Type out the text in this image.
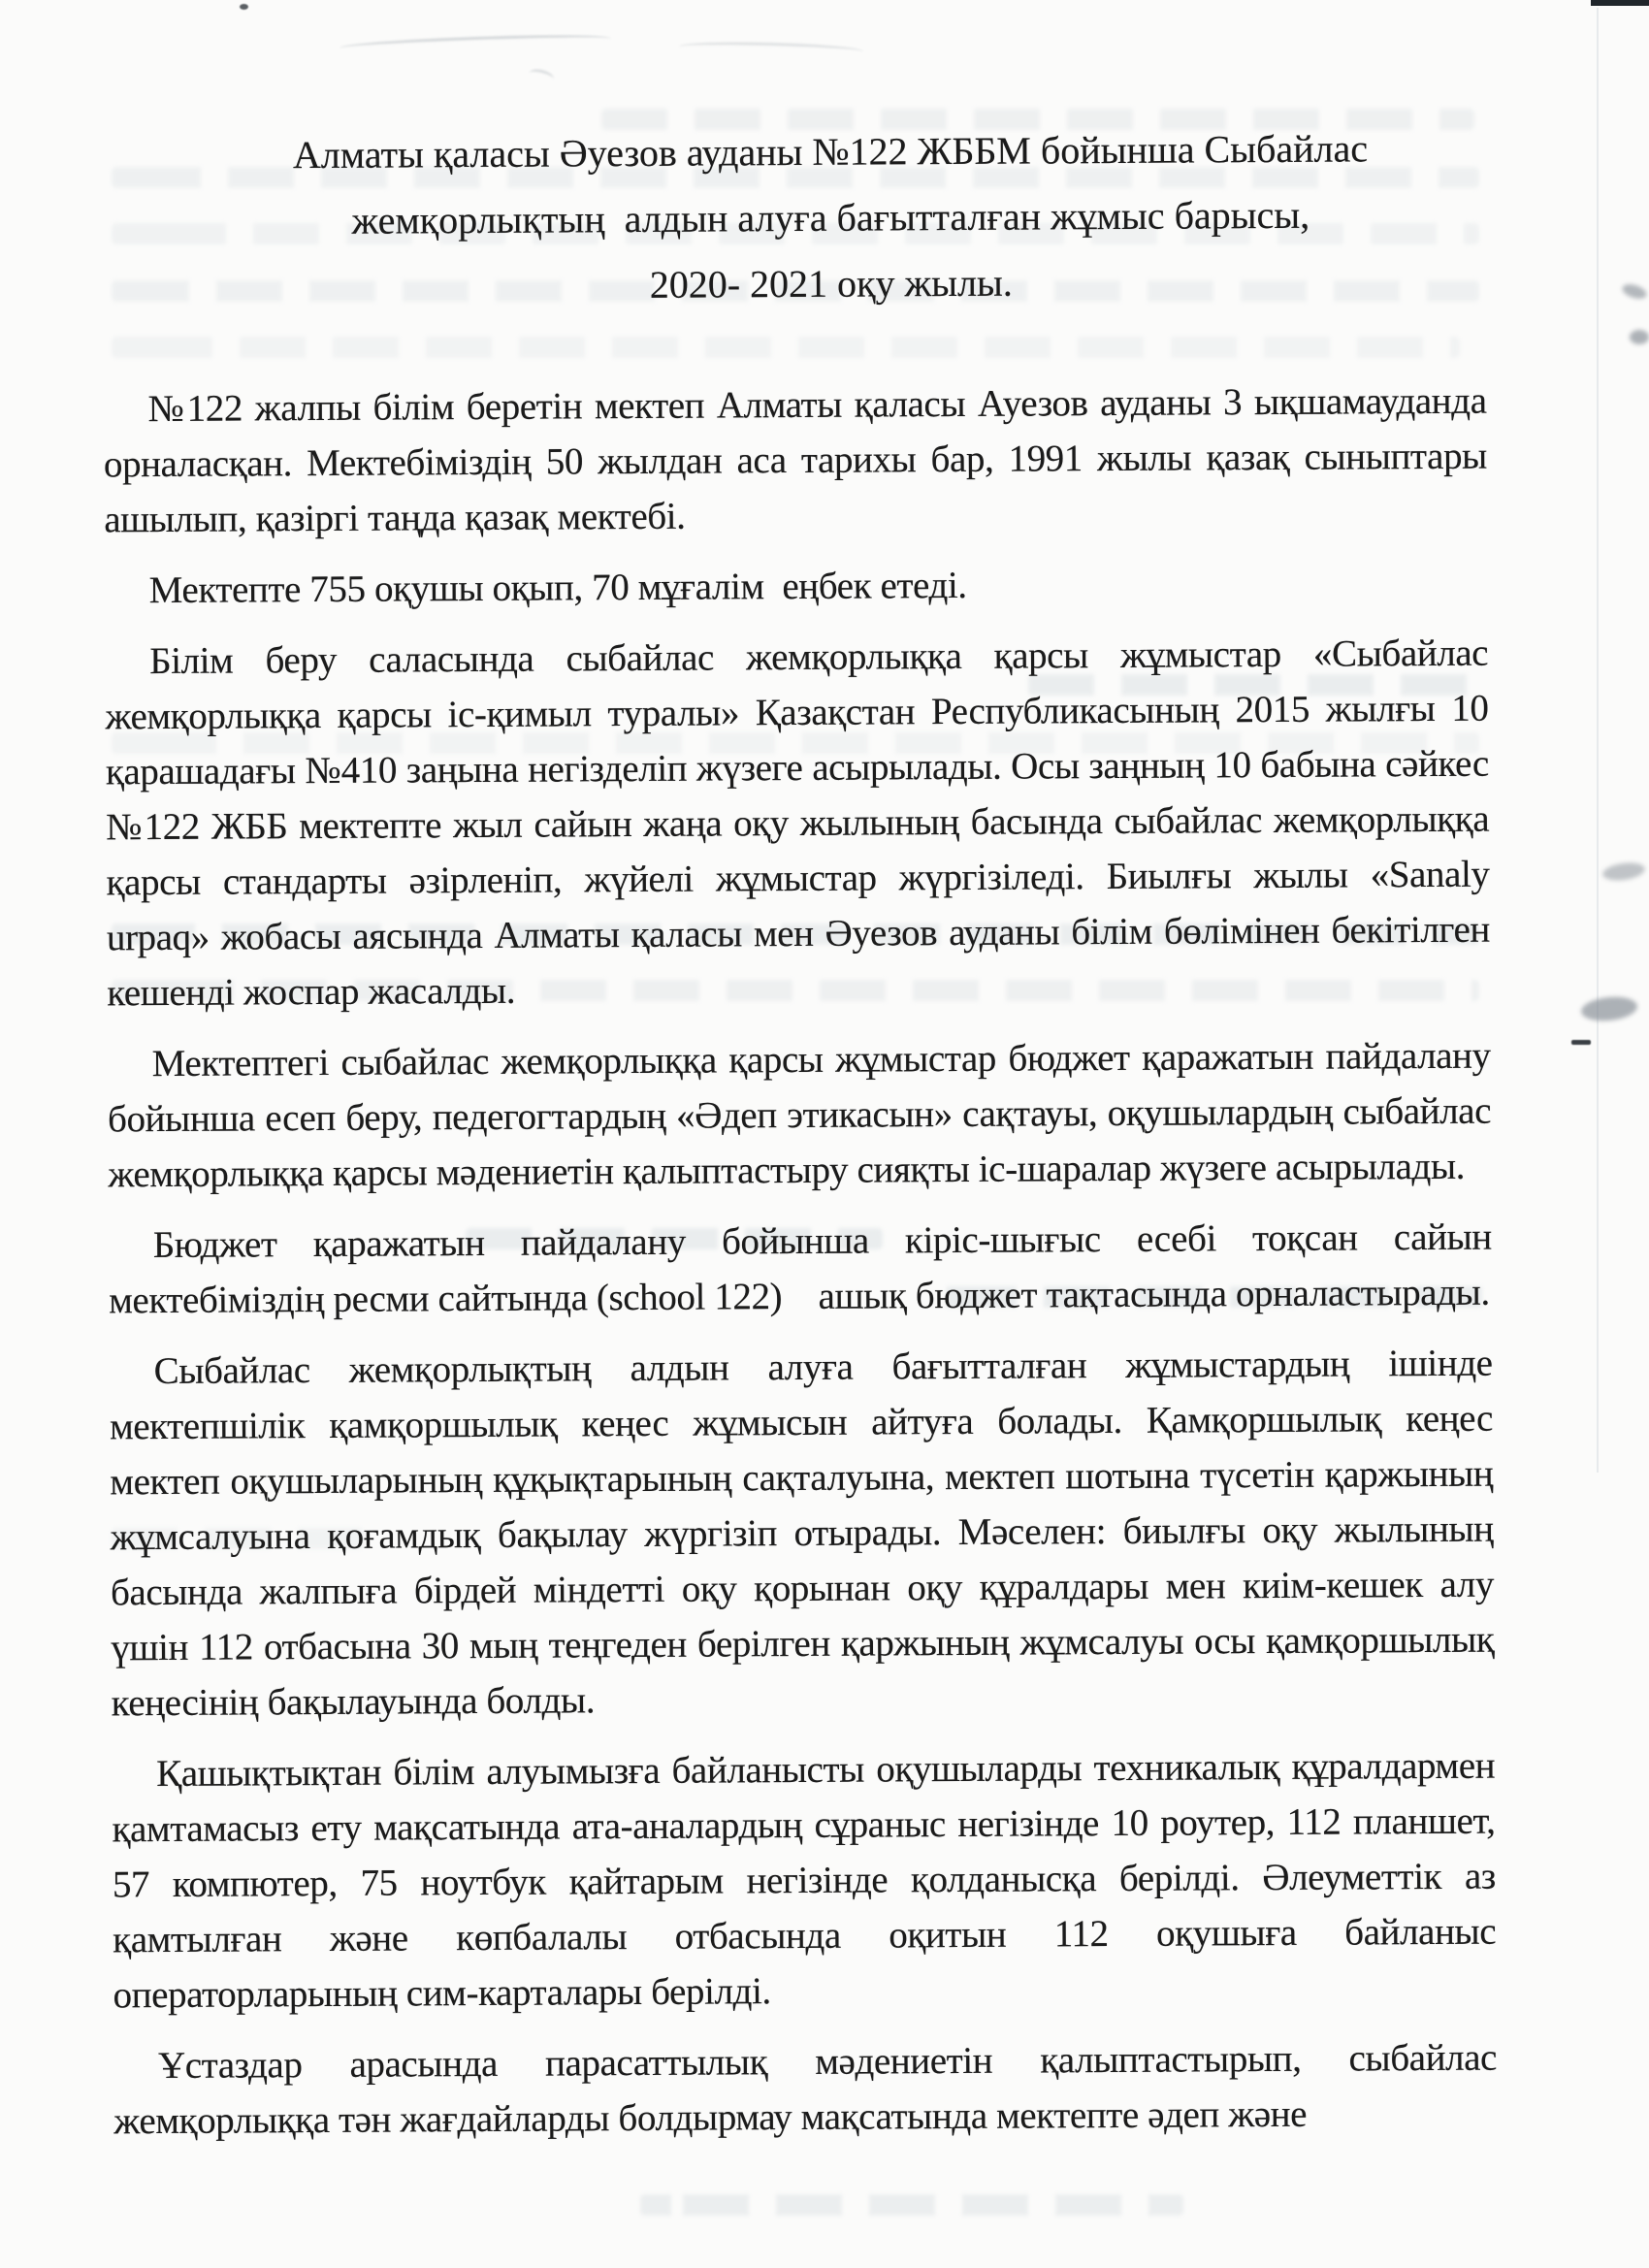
Алматы қаласы Әуезов ауданы №122 ЖББМ бойынша Сыбайлас
жемқорлықтың  алдын алуға бағытталған жұмыс барысы,
2020- 2021 оқу жылы.

№122 жалпы білім беретін мектеп Алматы қаласы Ауезов ауданы 3 ықшамауданда орналасқан. Мектебіміздің 50 жылдан аса тарихы бар, 1991 жылы қазақ сыныптары ашылып, қазіргі таңда қазақ мектебі.

Мектепте 755 оқушы оқып, 70 мұғалім  еңбек етеді.

Білім беру саласында сыбайлас жемқорлыққа қарсы жұмыстар «Сыбайлас жемқорлыққа қарсы іс-қимыл туралы» Қазақстан Республикасының 2015 жылғы 10 қарашадағы №410 заңына негізделіп жүзеге асырылады. Осы заңның 10 бабына сәйкес №122 ЖББ мектепте жыл сайын жаңа оқу жылының басында сыбайлас жемқорлыққа қарсы стандарты әзірленіп, жүйелі жұмыстар жүргізіледі. Биылғы жылы «Sanaly urpaq» жобасы аясында Алматы қаласы мен Әуезов ауданы білім бөлімінен бекітілген кешенді жоспар жасалды.

Мектептегі сыбайлас жемқорлыққа қарсы жұмыстар бюджет қаражатын пайдалану бойынша есеп беру, педегогтардың «Әдеп этикасын» сақтауы, оқушылардың сыбайлас жемқорлыққа қарсы мәдениетін қалыптастыру сияқты іс-шаралар жүзеге асырылады.

Бюджет қаражатын пайдалану бойынша кіріс-шығыс есебі тоқсан сайын мектебіміздің ресми сайтында (school 122)    ашық бюджет тақтасында орналастырады.

Сыбайлас жемқорлықтың алдын алуға бағытталған жұмыстардың ішінде мектепшілік қамқоршылық кеңес жұмысын айтуға болады. Қамқоршылық кеңес мектеп оқушыларының құқықтарының сақталуына, мектеп шотына түсетін қаржының жұмсалуына қоғамдық бақылау жүргізіп отырады. Мәселен: биылғы оқу жылының басында жалпыға бірдей міндетті оқу қорынан оқу құралдары мен киім-кешек алу үшін 112 отбасына 30 мың теңгеден берілген қаржының жұмсалуы осы қамқоршылық кеңесінің бақылауында болды.

Қашықтықтан білім алуымызға байланысты оқушыларды техникалық құралдармен қамтамасыз ету мақсатында ата-аналардың сұраныс негізінде 10 роутер, 112 планшет, 57 компютер, 75 ноутбук қайтарым негізінде қолданысқа берілді. Әлеуметтік аз қамтылған және көпбалалы отбасында оқитын 112 оқушыға байланыс операторларының сим-карталары берілді.

Ұстаздар арасында парасаттылық мәдениетін қалыптастырып, сыбайлас жемқорлыққа тән жағдайларды болдырмау мақсатында мектепте әдеп және
